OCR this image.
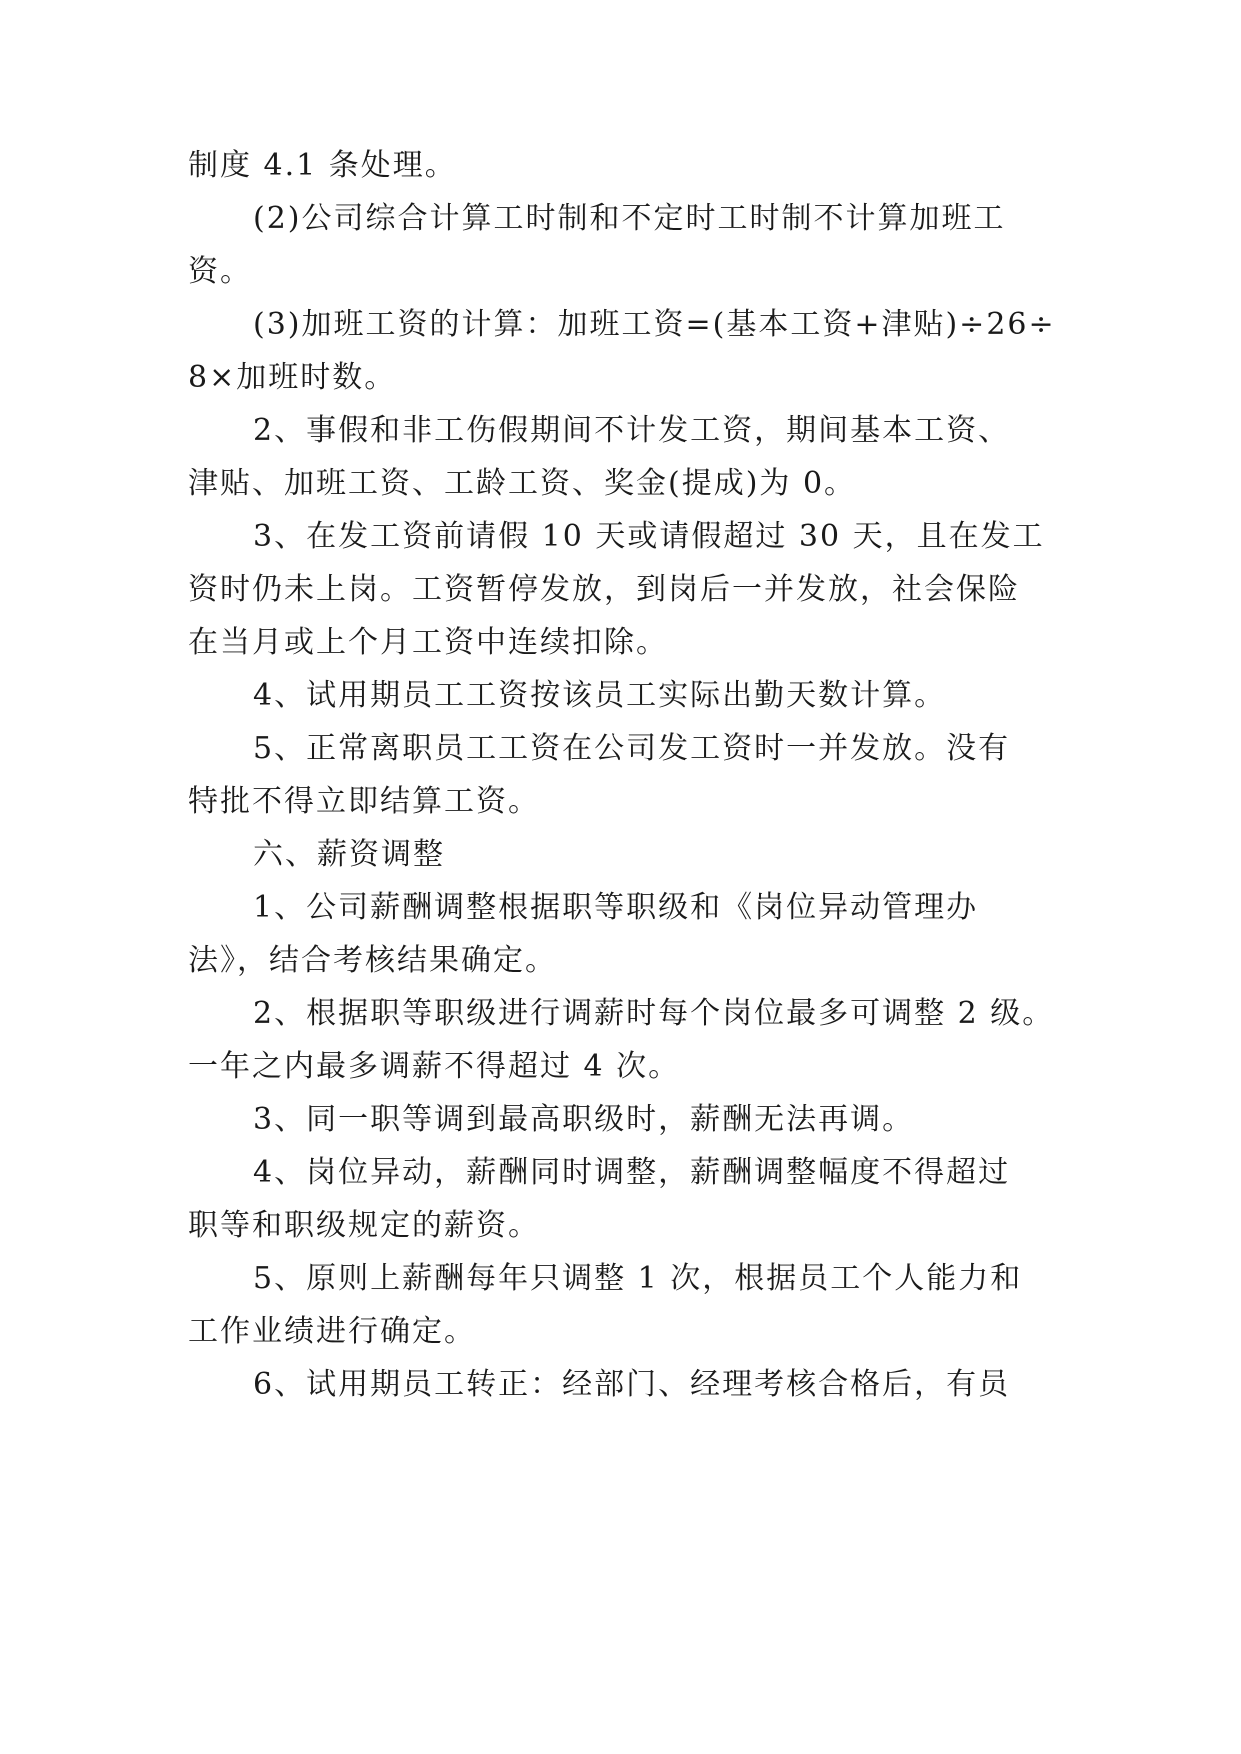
制度 4.1 条处理。
(2)公司综合计算工时制和不定时工时制不计算加班工
资。
(3)加班工资的计算：加班工资=(基本工资+津贴)÷26÷
8×加班时数。
2、事假和非工伤假期间不计发工资，期间基本工资、
津贴、加班工资、工龄工资、奖金(提成)为 0。
3、在发工资前请假 10 天或请假超过 30 天，且在发工
资时仍未上岗。工资暂停发放，到岗后一并发放，社会保险
在当月或上个月工资中连续扣除。
4、试用期员工工资按该员工实际出勤天数计算。
5、正常离职员工工资在公司发工资时一并发放。没有
特批不得立即结算工资。
六、薪资调整
1、公司薪酬调整根据职等职级和《岗位异动管理办
法》，结合考核结果确定。
2、根据职等职级进行调薪时每个岗位最多可调整 2 级。
一年之内最多调薪不得超过 4 次。
3、同一职等调到最高职级时，薪酬无法再调。
4、岗位异动，薪酬同时调整，薪酬调整幅度不得超过
职等和职级规定的薪资。
5、原则上薪酬每年只调整 1 次，根据员工个人能力和
工作业绩进行确定。
6、试用期员工转正：经部门、经理考核合格后，有员
